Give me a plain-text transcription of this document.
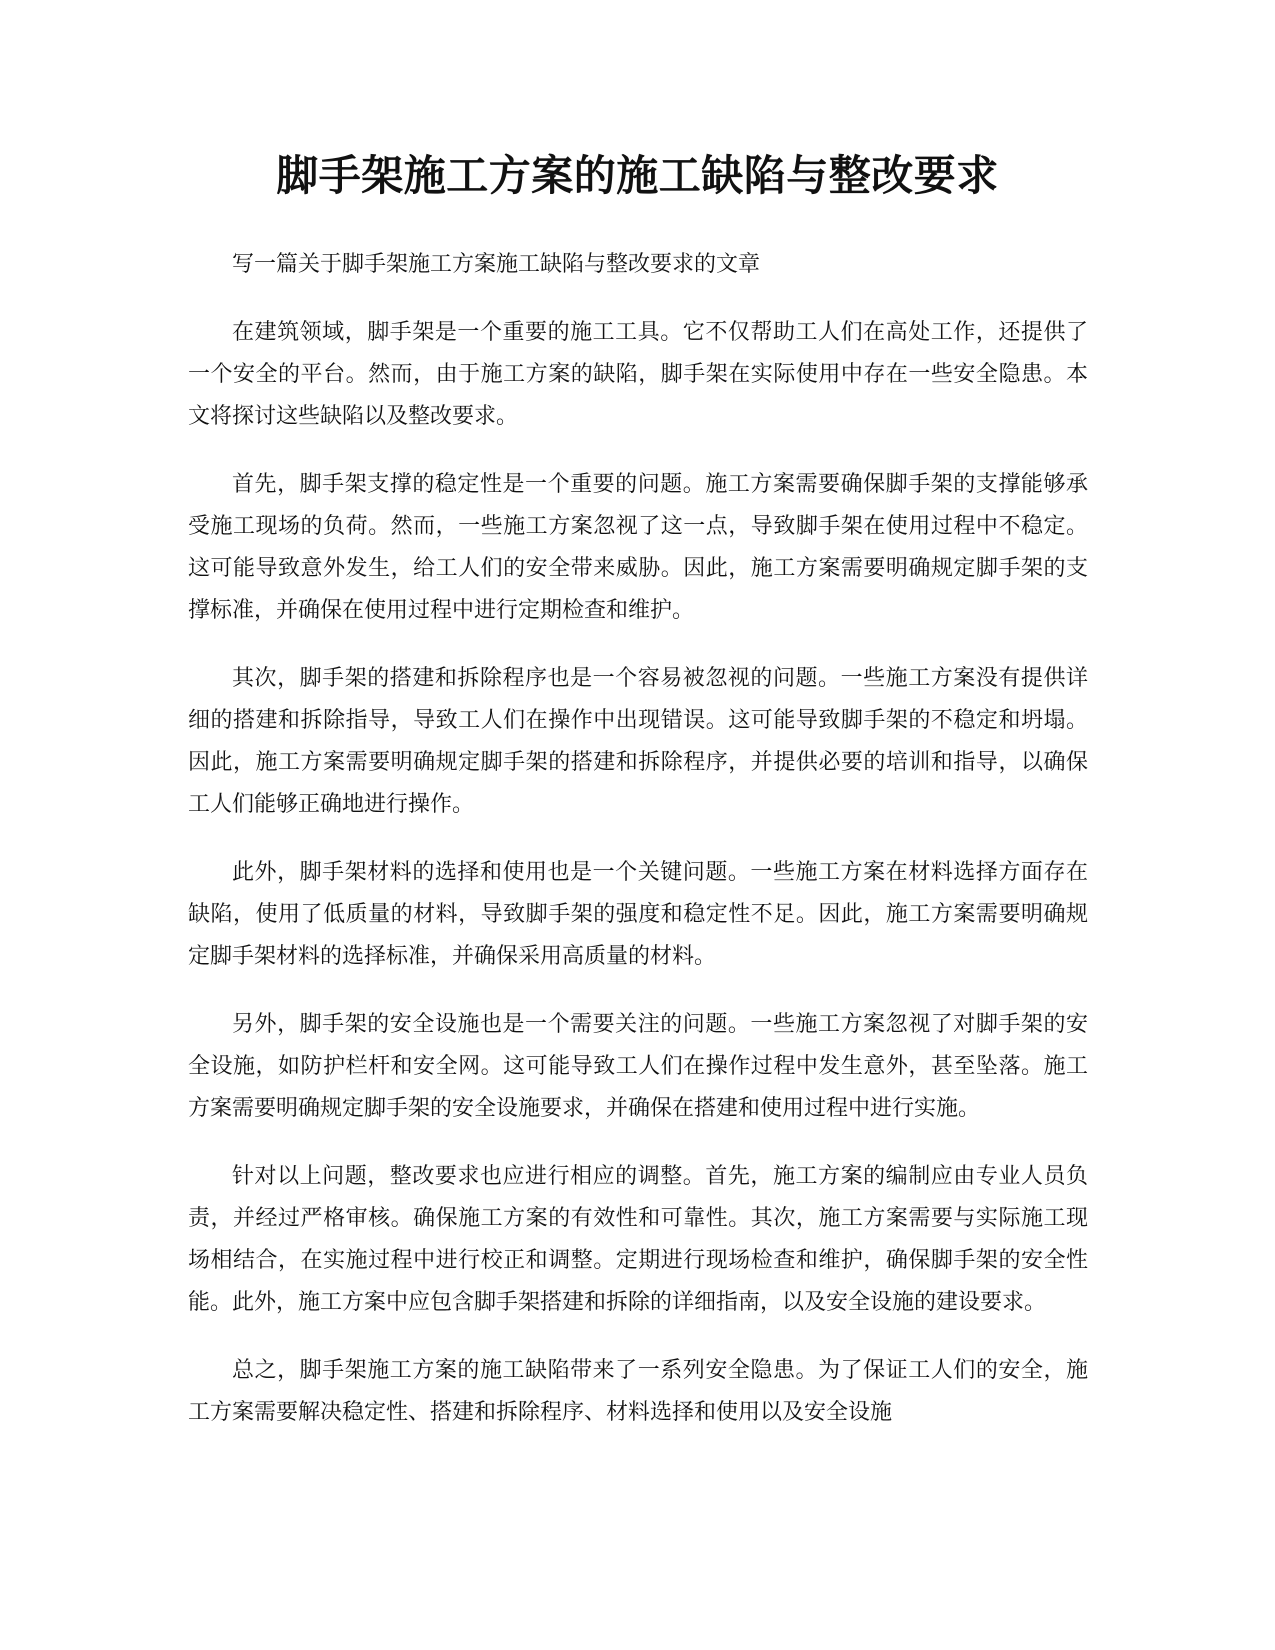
脚手架施工方案的施工缺陷与整改要求

写一篇关于脚手架施工方案施工缺陷与整改要求的文章

在建筑领域，脚手架是一个重要的施工工具。它不仅帮助工人们在高处工作，还提供了一个安全的平台。然而，由于施工方案的缺陷，脚手架在实际使用中存在一些安全隐患。本文将探讨这些缺陷以及整改要求。

首先，脚手架支撑的稳定性是一个重要的问题。施工方案需要确保脚手架的支撑能够承受施工现场的负荷。然而，一些施工方案忽视了这一点，导致脚手架在使用过程中不稳定。这可能导致意外发生，给工人们的安全带来威胁。因此，施工方案需要明确规定脚手架的支撑标准，并确保在使用过程中进行定期检查和维护。

其次，脚手架的搭建和拆除程序也是一个容易被忽视的问题。一些施工方案没有提供详细的搭建和拆除指导，导致工人们在操作中出现错误。这可能导致脚手架的不稳定和坍塌。因此，施工方案需要明确规定脚手架的搭建和拆除程序，并提供必要的培训和指导，以确保工人们能够正确地进行操作。

此外，脚手架材料的选择和使用也是一个关键问题。一些施工方案在材料选择方面存在缺陷，使用了低质量的材料，导致脚手架的强度和稳定性不足。因此，施工方案需要明确规定脚手架材料的选择标准，并确保采用高质量的材料。

另外，脚手架的安全设施也是一个需要关注的问题。一些施工方案忽视了对脚手架的安全设施，如防护栏杆和安全网。这可能导致工人们在操作过程中发生意外，甚至坠落。施工方案需要明确规定脚手架的安全设施要求，并确保在搭建和使用过程中进行实施。

针对以上问题，整改要求也应进行相应的调整。首先，施工方案的编制应由专业人员负责，并经过严格审核。确保施工方案的有效性和可靠性。其次，施工方案需要与实际施工现场相结合，在实施过程中进行校正和调整。定期进行现场检查和维护，确保脚手架的安全性能。此外，施工方案中应包含脚手架搭建和拆除的详细指南，以及安全设施的建设要求。

总之，脚手架施工方案的施工缺陷带来了一系列安全隐患。为了保证工人们的安全，施工方案需要解决稳定性、搭建和拆除程序、材料选择和使用以及安全设施
